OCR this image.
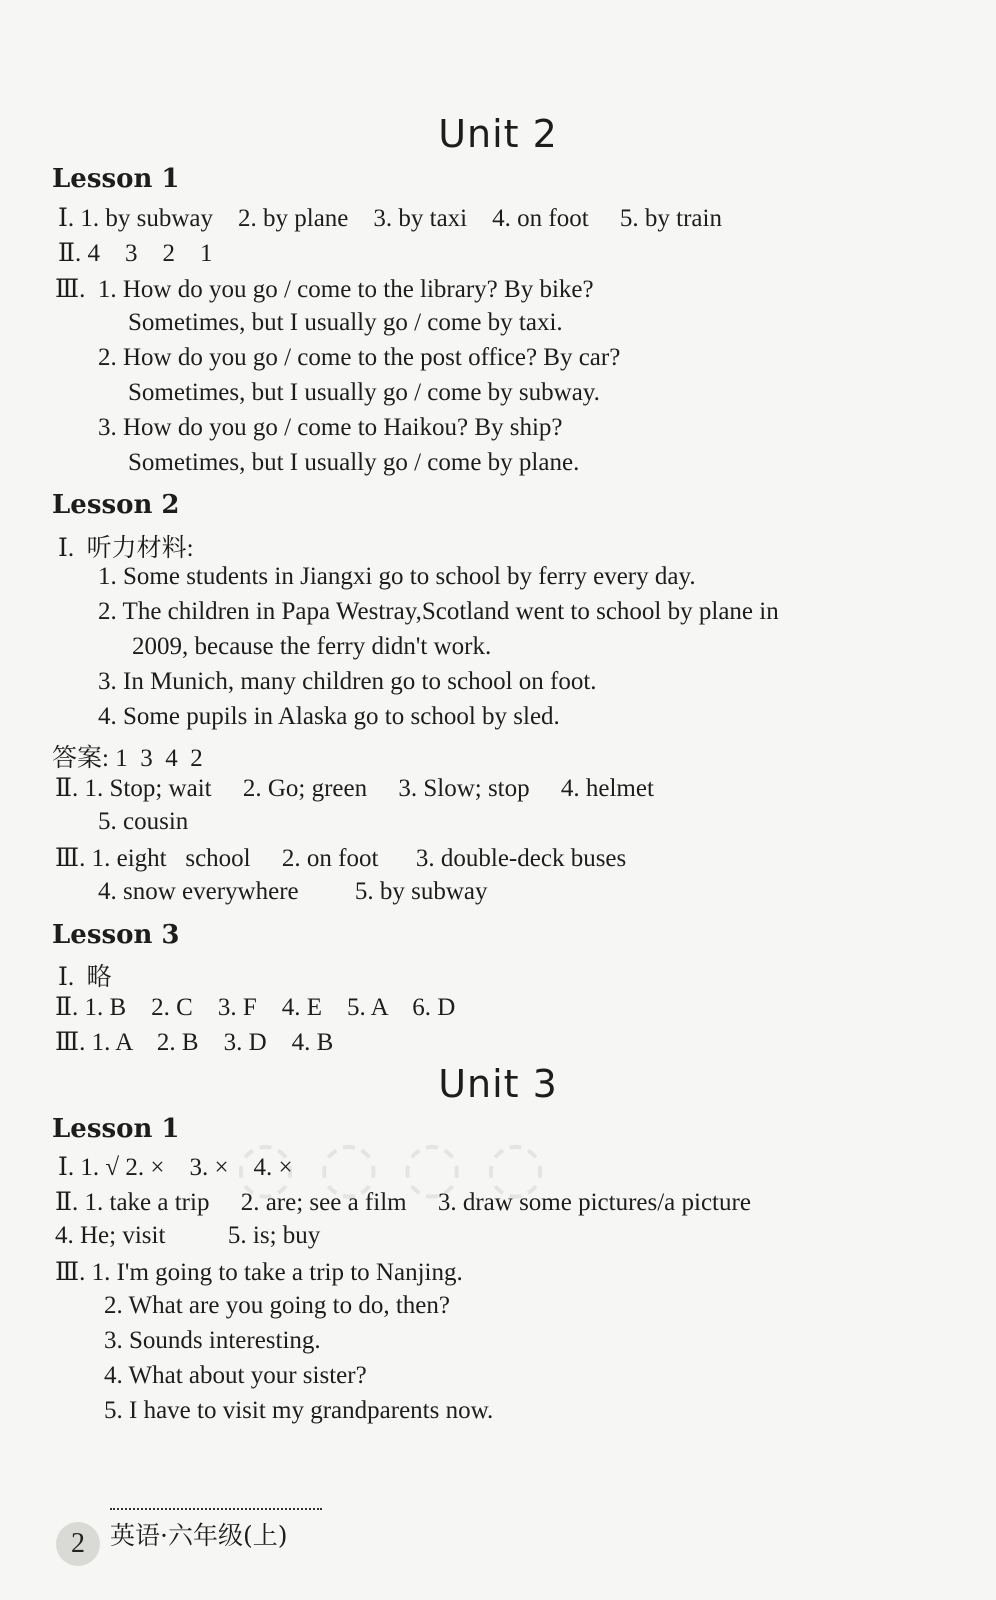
◌ ◌ ◌ ◌
Unit 2
Lesson 1
Ⅰ. 1. by subway    2. by plane    3. by taxi    4. on foot     5. by train
Ⅱ. 4    3    2    1
Ⅲ.  1. How do you go / come to the library? By bike?
Sometimes, but I usually go / come by taxi.
2. How do you go / come to the post office? By car?
Sometimes, but I usually go / come by subway.
3. How do you go / come to Haikou? By ship?
Sometimes, but I usually go / come by plane.
Lesson 2
Ⅰ.  听力材料:
1. Some students in Jiangxi go to school by ferry every day.
2. The children in Papa Westray,Scotland went to school by plane in
2009, because the ferry didn't work.
3. In Munich, many children go to school on foot.
4. Some pupils in Alaska go to school by sled.
答案: 1  3  4  2
Ⅱ. 1. Stop; wait     2. Go; green     3. Slow; stop     4. helmet
5. cousin
Ⅲ. 1. eight   school     2. on foot      3. double-deck buses
4. snow everywhere         5. by subway
Lesson 3
Ⅰ.  略
Ⅱ. 1. B    2. C    3. F    4. E    5. A    6. D
Ⅲ. 1. A    2. B    3. D    4. B
Unit 3
Lesson 1
Ⅰ. 1. √ 2. ×    3. ×    4. ×
Ⅱ. 1. take a trip     2. are; see a film     3. draw some pictures/a picture
4. He; visit          5. is; buy
Ⅲ. 1. I'm going to take a trip to Nanjing.
2. What are you going to do, then?
3. Sounds interesting.
4. What about your sister?
5. I have to visit my grandparents now.
2	英语·六年级(上)
